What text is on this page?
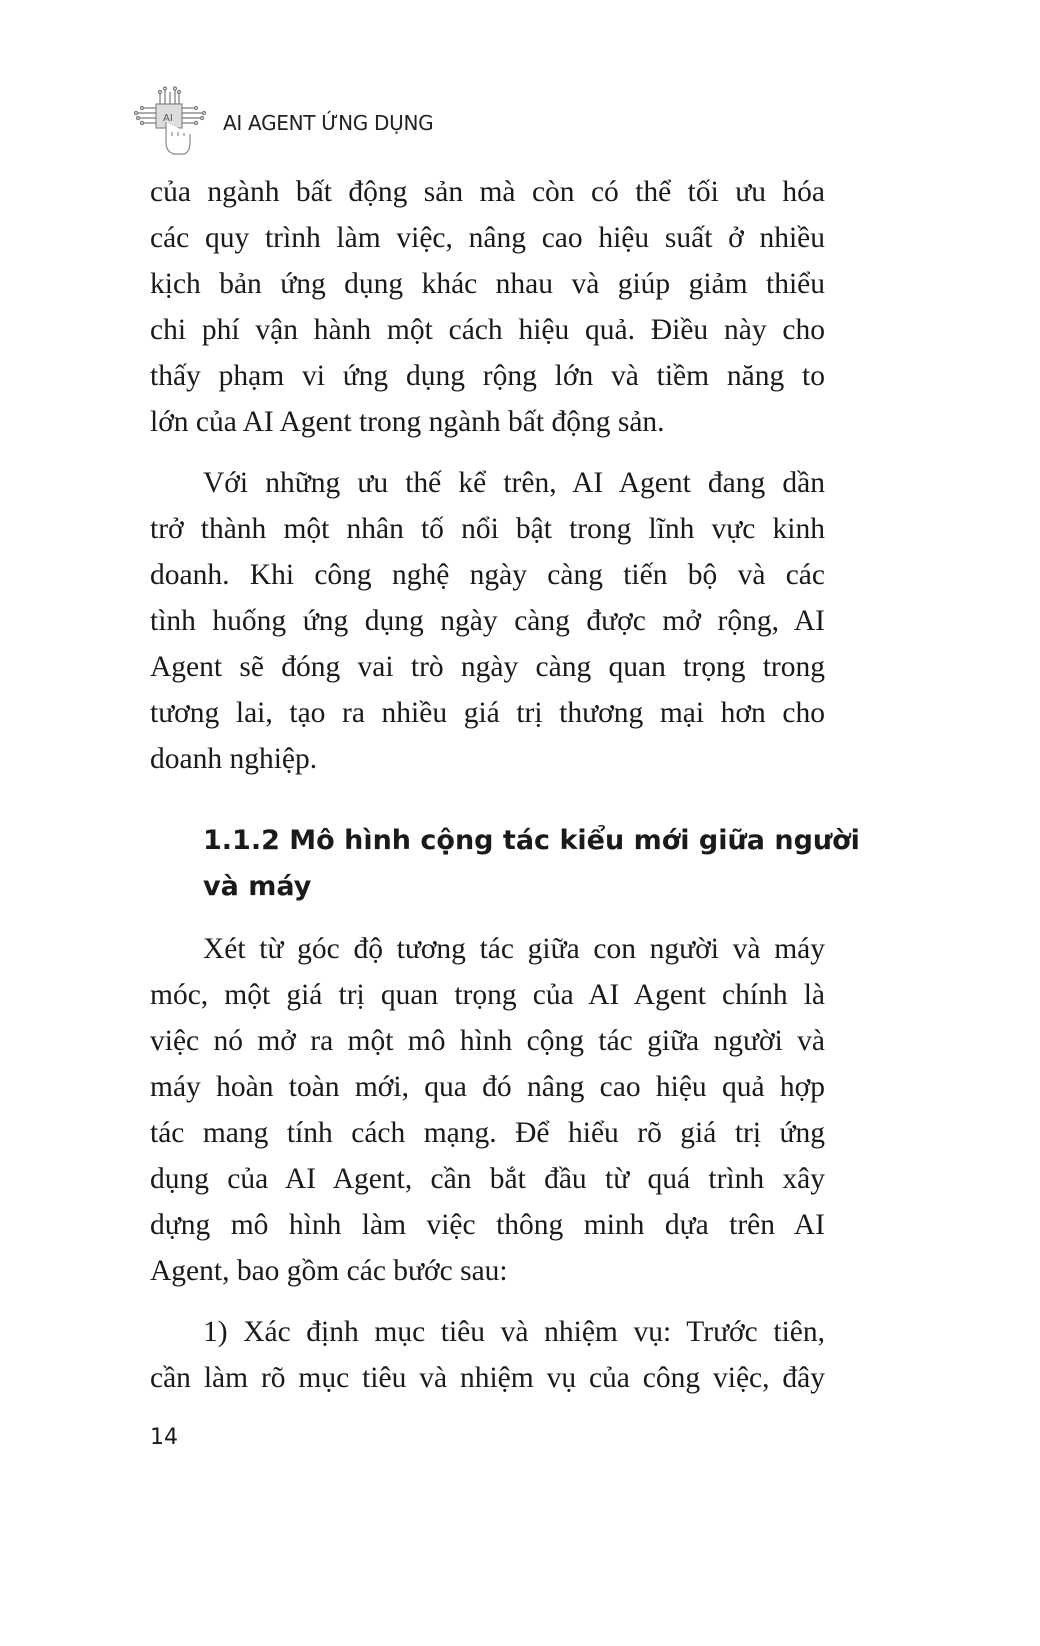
AI	AI AGENT ỨNG DỤNG
của ngành bất động sản mà còn có thể tối ưu hóa
các quy trình làm việc, nâng cao hiệu suất ở nhiều
kịch bản ứng dụng khác nhau và giúp giảm thiểu
chi phí vận hành một cách hiệu quả. Điều này cho
thấy phạm vi ứng dụng rộng lớn và tiềm năng to
lớn của AI Agent trong ngành bất động sản.
Với những ưu thế kể trên, AI Agent đang dần
trở thành một nhân tố nổi bật trong lĩnh vực kinh
doanh. Khi công nghệ ngày càng tiến bộ và các
tình huống ứng dụng ngày càng được mở rộng, AI
Agent sẽ đóng vai trò ngày càng quan trọng trong
tương lai, tạo ra nhiều giá trị thương mại hơn cho
doanh nghiệp.
1.1.2 Mô hình cộng tác kiểu mới giữa người
và máy
Xét từ góc độ tương tác giữa con người và máy
móc, một giá trị quan trọng của AI Agent chính là
việc nó mở ra một mô hình cộng tác giữa người và
máy hoàn toàn mới, qua đó nâng cao hiệu quả hợp
tác mang tính cách mạng. Để hiểu rõ giá trị ứng
dụng của AI Agent, cần bắt đầu từ quá trình xây
dựng mô hình làm việc thông minh dựa trên AI
Agent, bao gồm các bước sau:
1) Xác định mục tiêu và nhiệm vụ: Trước tiên,
cần làm rõ mục tiêu và nhiệm vụ của công việc, đây
14
